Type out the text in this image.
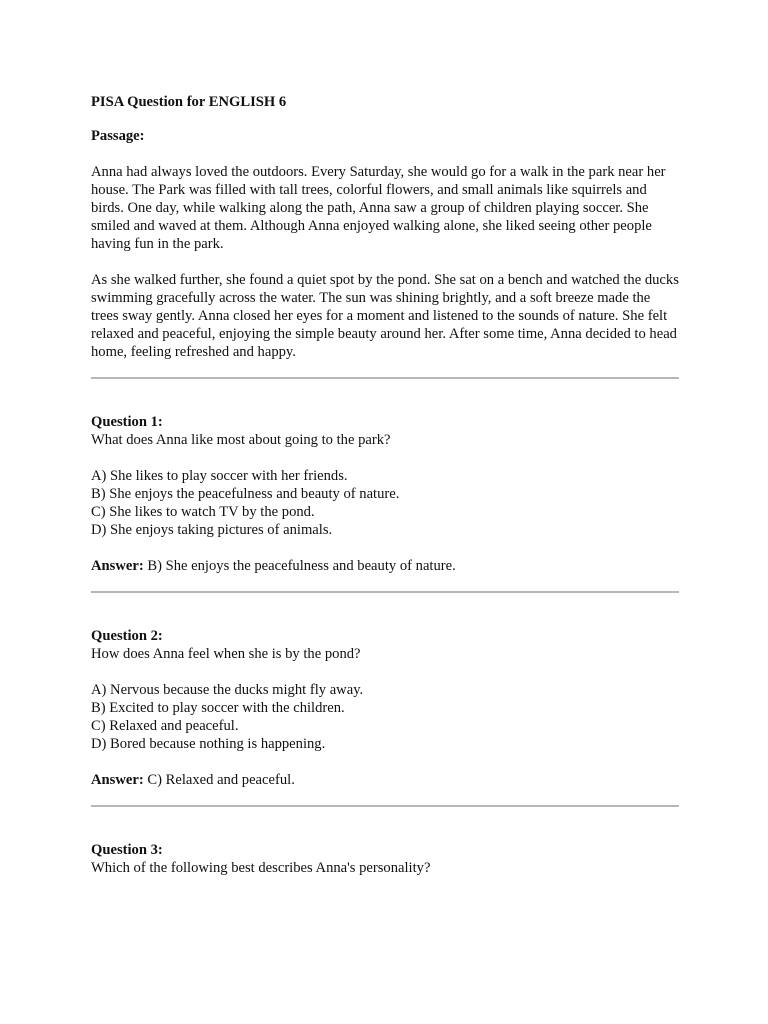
PISA Question for ENGLISH 6

Passage:

Anna had always loved the outdoors. Every Saturday, she would go for a walk in the park near her house. The Park was filled with tall trees, colorful flowers, and small animals like squirrels and birds. One day, while walking along the path, Anna saw a group of children playing soccer. She smiled and waved at them. Although Anna enjoyed walking alone, she liked seeing other people having fun in the park.

As she walked further, she found a quiet spot by the pond. She sat on a bench and watched the ducks swimming gracefully across the water. The sun was shining brightly, and a soft breeze made the trees sway gently. Anna closed her eyes for a moment and listened to the sounds of nature. She felt relaxed and peaceful, enjoying the simple beauty around her. After some time, Anna decided to head home, feeling refreshed and happy.

Question 1:

What does Anna like most about going to the park?

A) She likes to play soccer with her friends.
B) She enjoys the peacefulness and beauty of nature.
C) She likes to watch TV by the pond.
D) She enjoys taking pictures of animals.

Answer: B) She enjoys the peacefulness and beauty of nature.

Question 2:

How does Anna feel when she is by the pond?

A) Nervous because the ducks might fly away.
B) Excited to play soccer with the children.
C) Relaxed and peaceful.
D) Bored because nothing is happening.

Answer: C) Relaxed and peaceful.

Question 3:

Which of the following best describes Anna's personality?
